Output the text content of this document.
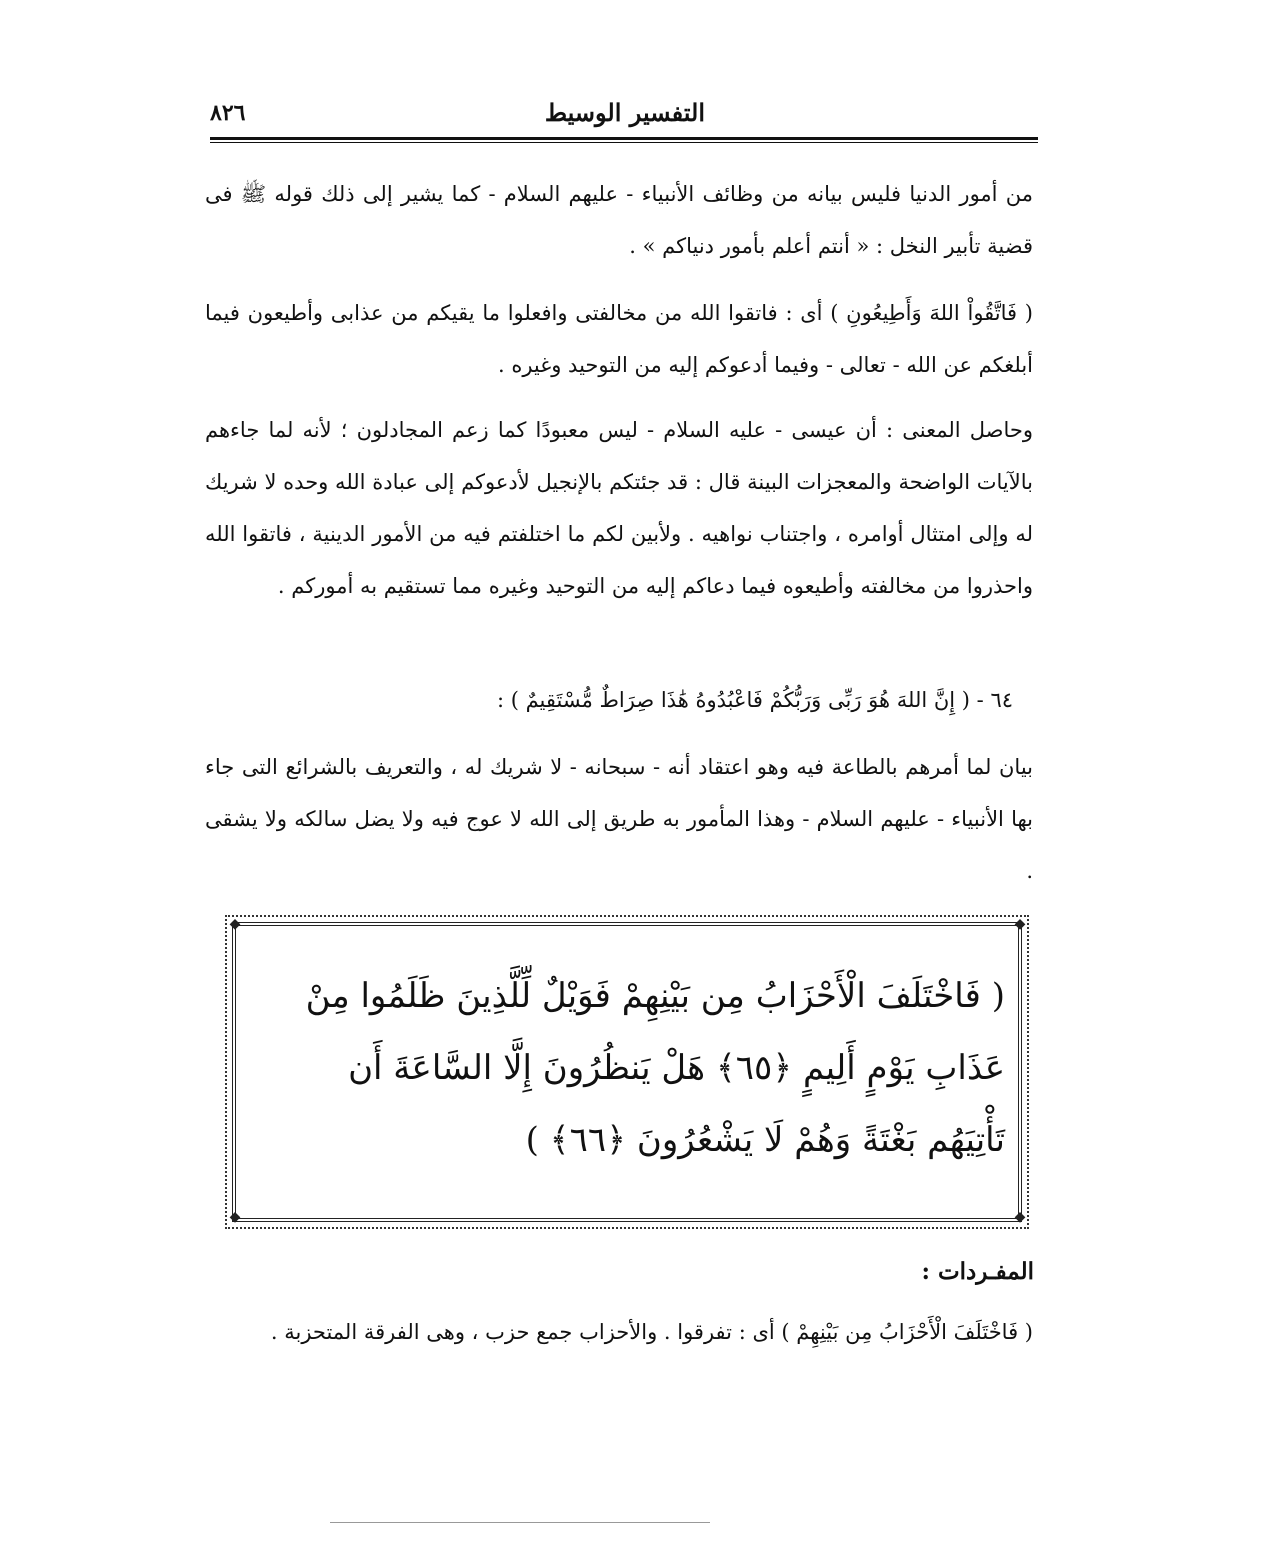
التفسير الوسيط
٨٢٦

من أمور الدنيا فليس بيانه من وظائف الأنبياء - عليهم السلام - كما يشير إلى ذلك قوله ﷺ فى قضية تأبير النخل : « أنتم أعلم بأمور دنياكم » .

( فَاتَّقُواْ اللهَ وَأَطِيعُونِ ) أى : فاتقوا الله من مخالفتى وافعلوا ما يقيكم من عذابى وأطيعون فيما أبلغكم عن الله - تعالى - وفيما أدعوكم إليه من التوحيد وغيره .

وحاصل المعنى : أن عيسى - عليه السلام - ليس معبودًا كما زعم المجادلون ؛ لأنه لما جاءهم بالآيات الواضحة والمعجزات البينة قال : قد جئتكم بالإنجيل لأدعوكم إلى عبادة الله وحده لا شريك له وإلى امتثال أوامره ، واجتناب نواهيه . ولأبين لكم ما اختلفتم فيه من الأمور الدينية ، فاتقوا الله واحذروا من مخالفته وأطيعوه فيما دعاكم إليه من التوحيد وغيره مما تستقيم به أموركم .

٦٤ - ( إِنَّ اللهَ هُوَ رَبِّى وَرَبُّكُمْ فَاعْبُدُوهُ هَٰذَا صِرَاطٌ مُّسْتَقِيمٌ ) :

بيان لما أمرهم بالطاعة فيه وهو اعتقاد أنه - سبحانه - لا شريك له ، والتعريف بالشرائع التى جاء بها الأنبياء - عليهم السلام - وهذا المأمور به طريق إلى الله لا عوج فيه ولا يضل سالكه ولا يشقى .

◆	◆
◆	◆

( فَاخْتَلَفَ الْأَحْزَابُ مِن بَيْنِهِمْ فَوَيْلٌ لِّلَّذِينَ ظَلَمُوا مِنْ عَذَابِ يَوْمٍ أَلِيمٍ ﴿٦٥﴾ هَلْ يَنظُرُونَ إِلَّا السَّاعَةَ أَن تَأْتِيَهُم بَغْتَةً وَهُمْ لَا يَشْعُرُونَ ﴿٦٦﴾ )

المفـردات :

( فَاخْتَلَفَ الْأَحْزَابُ مِن بَيْنِهِمْ ) أى : تفرقوا . والأحزاب جمع حزب ، وهى الفرقة المتحزبة .
